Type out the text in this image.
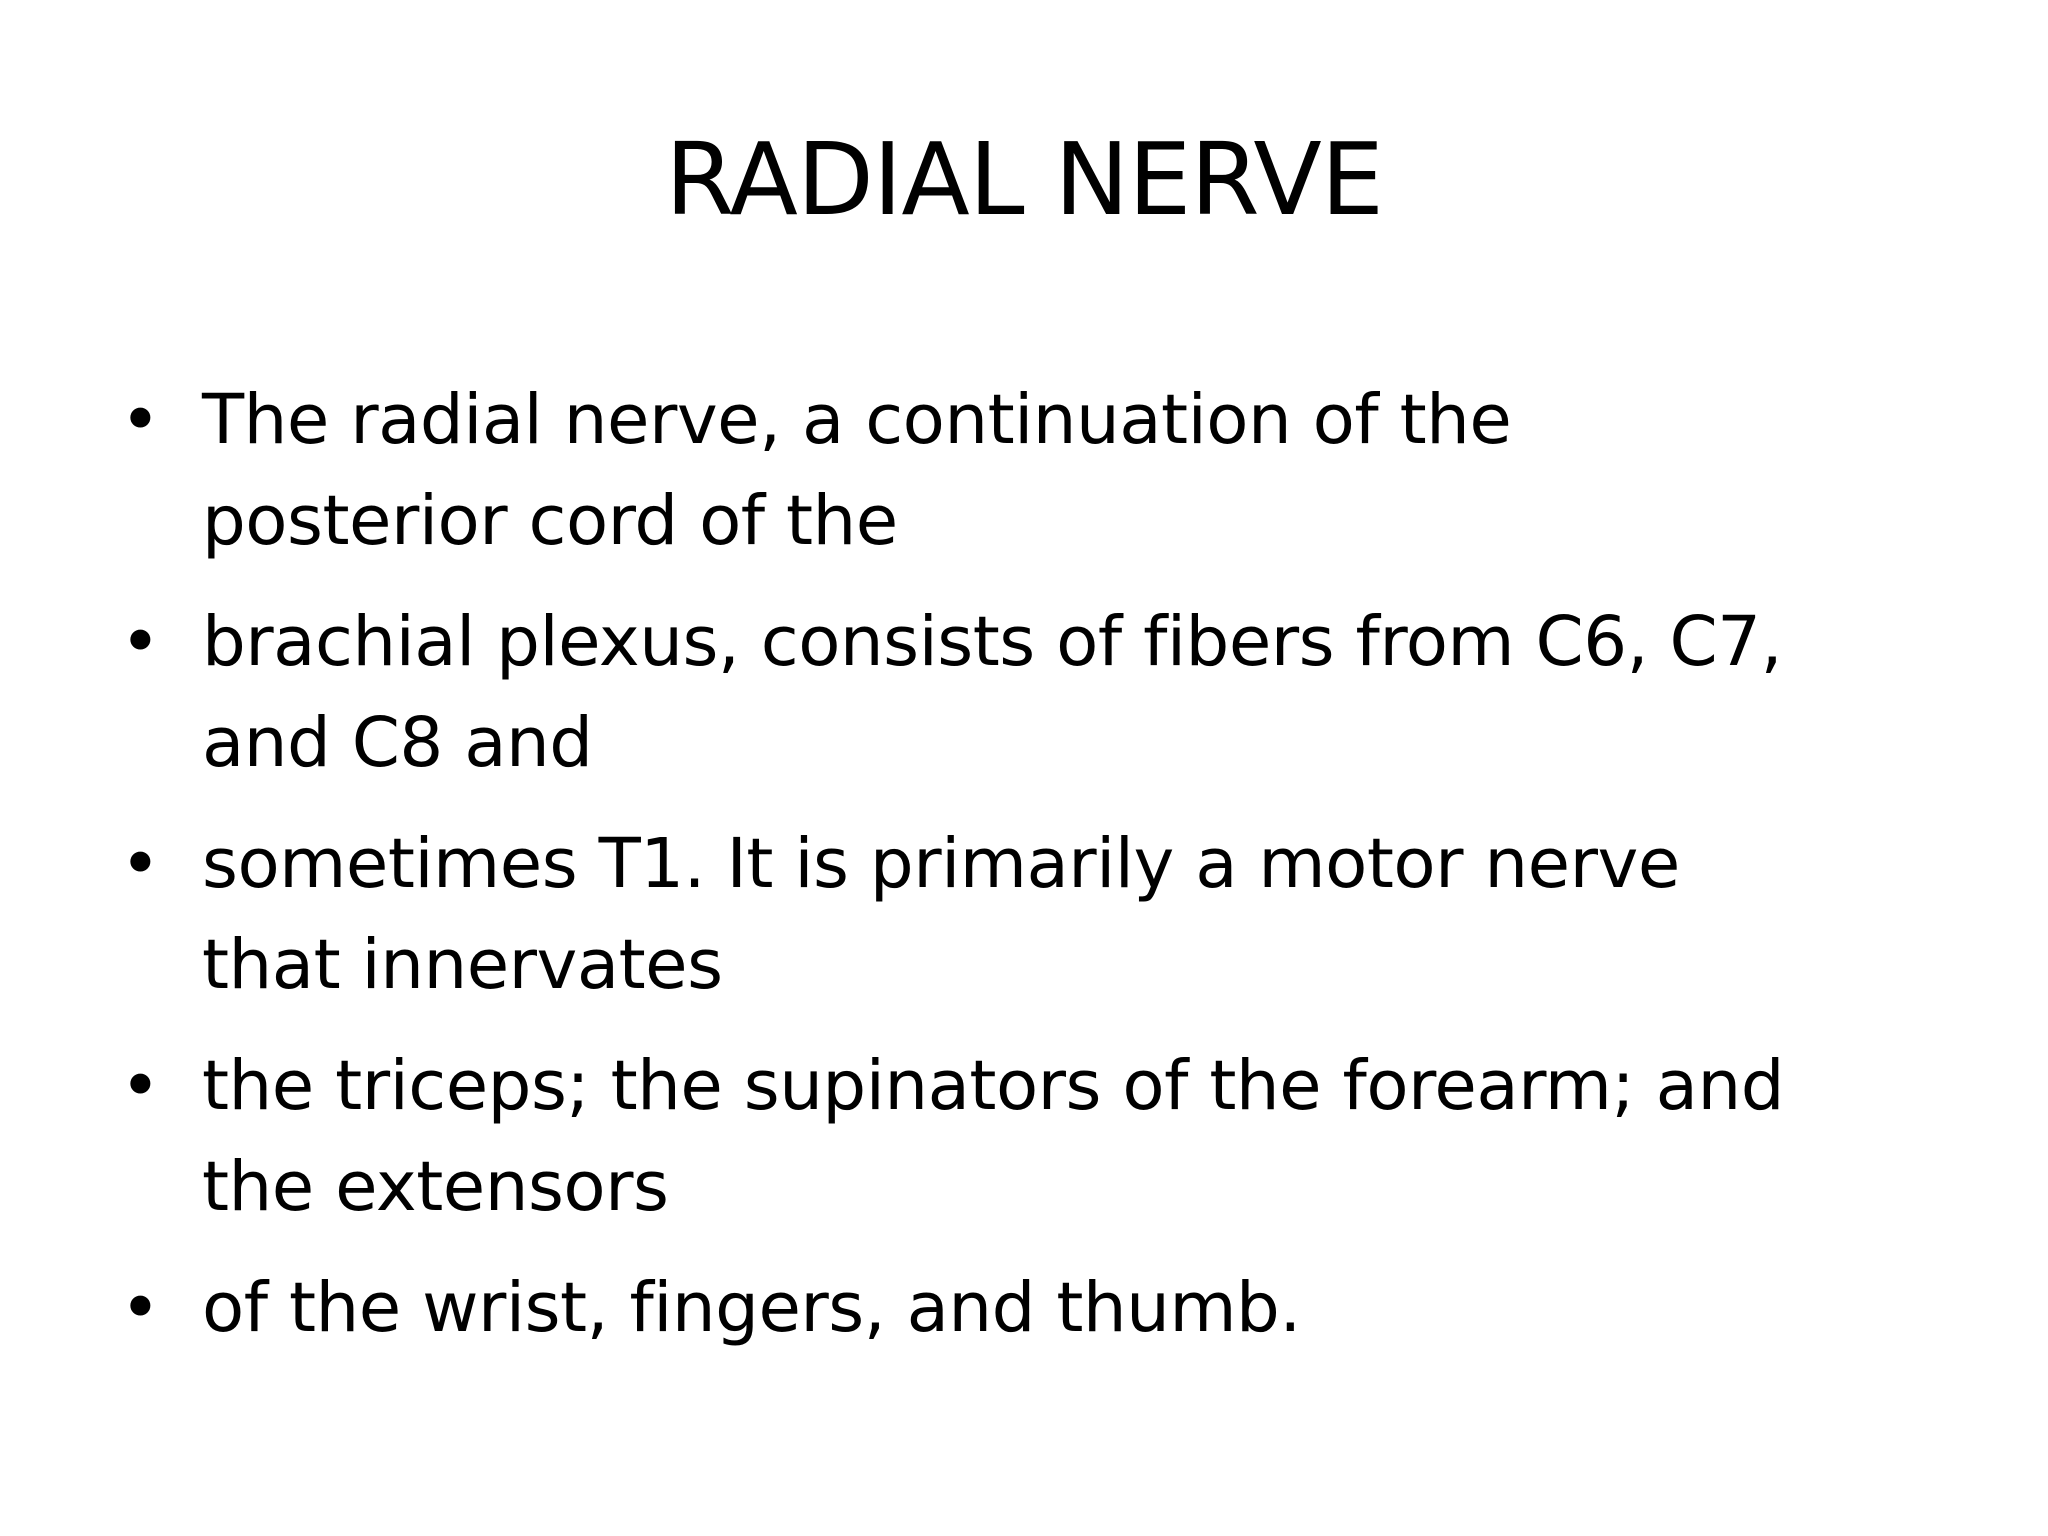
RADIAL NERVE
• The radial nerve, a continuation of the
posterior cord of the
• brachial plexus, consists of fibers from C6, C7,
and C8 and
• sometimes T1. It is primarily a motor nerve
that innervates
• the triceps; the supinators of the forearm; and
the extensors
• of the wrist, fingers, and thumb.
